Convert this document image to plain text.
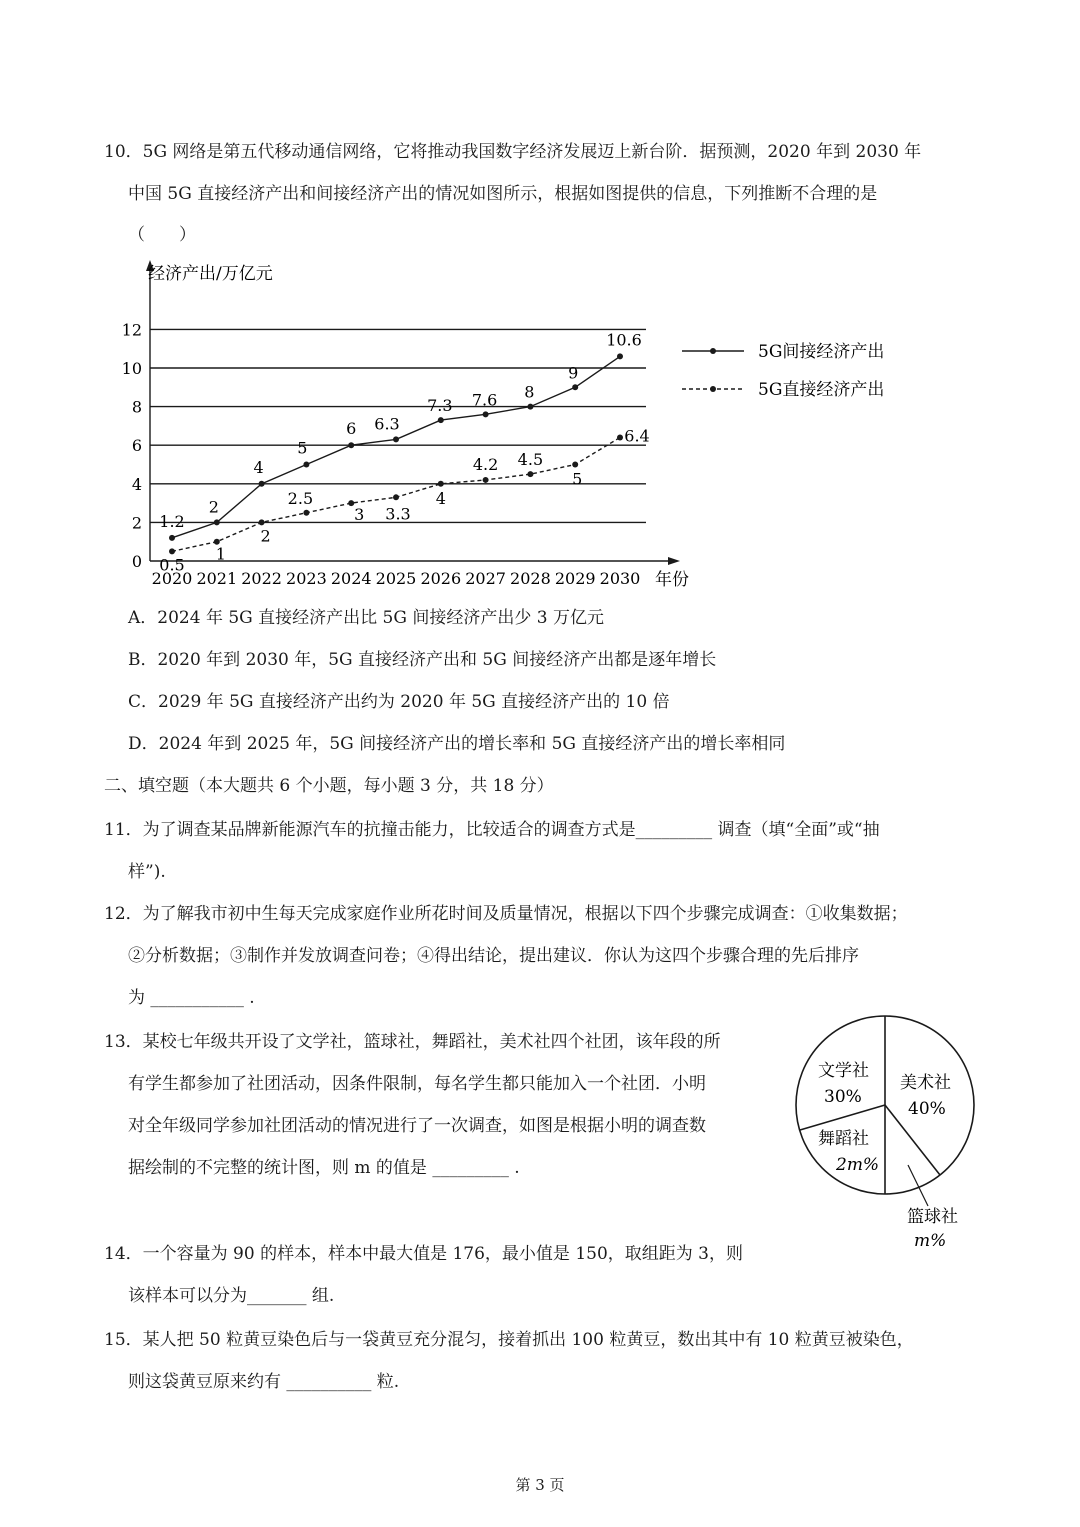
10．5G 网络是第五代移动通信网络，它将推动我国数字经济发展迈上新台阶．据预测，2020 年到 2030 年
中国 5G 直接经济产出和间接经济产出的情况如图所示，根据如图提供的信息，下列推断不合理的是
（　　）
0
2
4
6
8
10
12
2020 2021 2022 2023 2024 2025 2026 2027 2028 2029 2030
经济产出/万亿元
年份
1.2
2
4
5
6 6.3
7.3 7.6 8
9
10.6
0.5
1
2
2.5
3 3.3
4
4.2 4.5
5
6.4
5G间接经济产出
5G直接经济产出
A．2024 年 5G 直接经济产出比 5G 间接经济产出少 3 万亿元
B．2020 年到 2030 年，5G 直接经济产出和 5G 间接经济产出都是逐年增长
C．2029 年 5G 直接经济产出约为 2020 年 5G 直接经济产出的 10 倍
D．2024 年到 2025 年，5G 间接经济产出的增长率和 5G 直接经济产出的增长率相同
二、填空题（本大题共 6 个小题，每小题 3 分，共 18 分）
11．为了调查某品牌新能源汽车的抗撞击能力，比较适合的调查方式是_________ 调查（填“全面”或“抽
样”).
12．为了解我市初中生每天完成家庭作业所花时间及质量情况，根据以下四个步骤完成调查：①收集数据；
②分析数据；③制作并发放调查问卷；④得出结论，提出建议．你认为这四个步骤合理的先后排序
为 ___________ .
13．某校七年级共开设了文学社，篮球社，舞蹈社，美术社四个社团，该年段的所
有学生都参加了社团活动，因条件限制，每名学生都只能加入一个社团．小明
对全年级同学参加社团活动的情况进行了一次调查，如图是根据小明的调查数
据绘制的不完整的统计图，则 m 的值是 _________ .
美术社
40%
文学社
30%
舞蹈社
2m%
篮球社
m%
14．一个容量为 90 的样本，样本中最大值是 176，最小值是 150，取组距为 3，则
该样本可以分为_______ 组.
15．某人把 50 粒黄豆染色后与一袋黄豆充分混匀，接着抓出 100 粒黄豆，数出其中有 10 粒黄豆被染色，
则这袋黄豆原来约有 __________ 粒.
第 3 页
